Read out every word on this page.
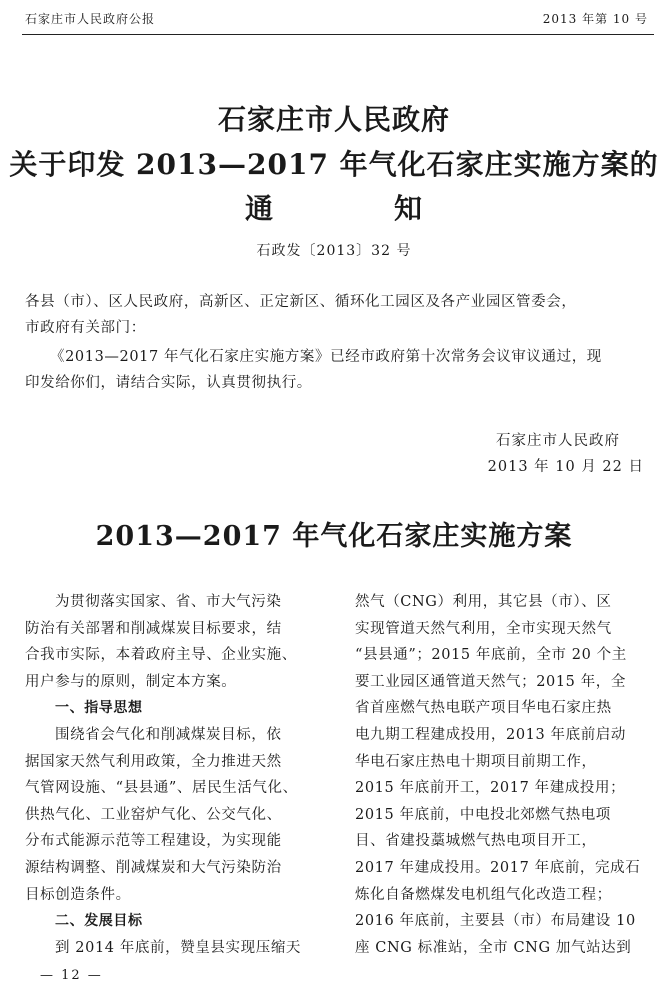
石家庄市人民政府公报	2013 年第 10 号
石家庄市人民政府
关于印发 2013—2017 年气化石家庄实施方案的
通	知
石政发〔2013〕32 号
各县（市）、区人民政府，高新区、正定新区、循环化工园区及各产业园区管委会，
市政府有关部门：
《2013—2017 年气化石家庄实施方案》已经市政府第十次常务会议审议通过，现
印发给你们，请结合实际，认真贯彻执行。
石家庄市人民政府
2013 年 10 月 22 日
2013—2017 年气化石家庄实施方案
为贯彻落实国家、省、市大气污染
防治有关部署和削减煤炭目标要求，结
合我市实际，本着政府主导、企业实施、
用户参与的原则，制定本方案。
一、指导思想
围绕省会气化和削减煤炭目标，依
据国家天然气利用政策，全力推进天然
气管网设施、“县县通”、居民生活气化、
供热气化、工业窑炉气化、公交气化、
分布式能源示范等工程建设，为实现能
源结构调整、削减煤炭和大气污染防治
目标创造条件。
二、发展目标
到 2014 年底前，赞皇县实现压缩天
然气（CNG）利用，其它县（市）、区
实现管道天然气利用，全市实现天然气
“县县通”；2015 年底前，全市 20 个主
要工业园区通管道天然气；2015 年，全
省首座燃气热电联产项目华电石家庄热
电九期工程建成投用，2013 年底前启动
华电石家庄热电十期项目前期工作，
2015 年底前开工，2017 年建成投用；
2015 年底前，中电投北郊燃气热电项
目、省建投藁城燃气热电项目开工，
2017 年建成投用。2017 年底前，完成石
炼化自备燃煤发电机组气化改造工程；
2016 年底前，主要县（市）布局建设 10
座 CNG 标准站，全市 CNG 加气站达到
— 12 —
